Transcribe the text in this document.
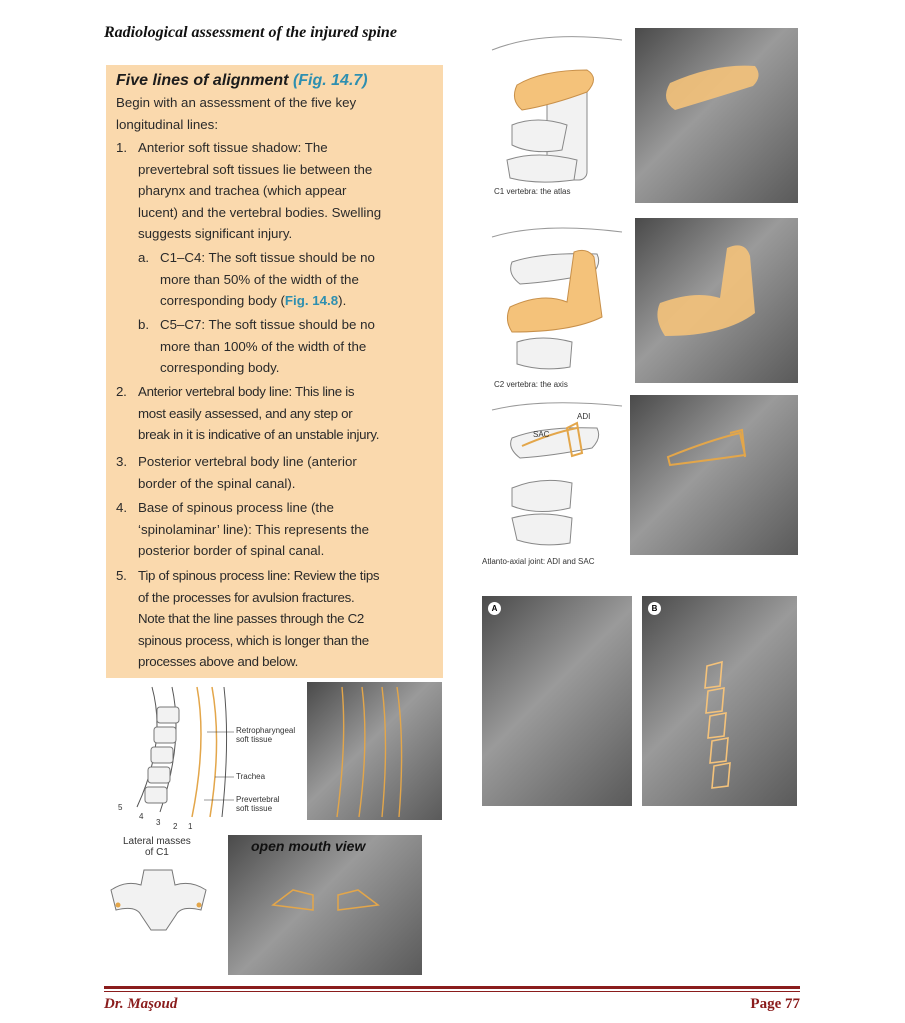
Radiological assessment of the injured spine
Five lines of alignment (Fig. 14.7)
Begin with an assessment of the five key
longitudinal lines:
1. Anterior soft tissue shadow: The
prevertebral soft tissues lie between the
pharynx and trachea (which appear
lucent) and the vertebral bodies. Swelling
suggests significant injury.
a. C1–C4: The soft tissue should be no
more than 50% of the width of the
corresponding body (Fig. 14.8).
b. C5–C7: The soft tissue should be no
more than 100% of the width of the
corresponding body.
2. Anterior vertebral body line: This line is
most easily assessed, and any step or
break in it is indicative of an unstable injury.
3. Posterior vertebral body line (anterior
border of the spinal canal).
4. Base of spinous process line (the
‘spinolaminar’ line): This represents the
posterior border of spinal canal.
5. Tip of spinous process line: Review the tips
of the processes for avulsion fractures.
Note that the line passes through the C2
spinous process, which is longer than the
processes above and below.
C1 vertebra: the atlas
C2 vertebra: the axis
SAC
ADI
Atlanto-axial joint: ADI and SAC
A	B
Retropharyngeal
soft tissue
Trachea
Prevertebral
soft tissue
5
4
3 2 1
Lateral masses
of C1	open mouth view
Dr. Maşoud	Page 77
